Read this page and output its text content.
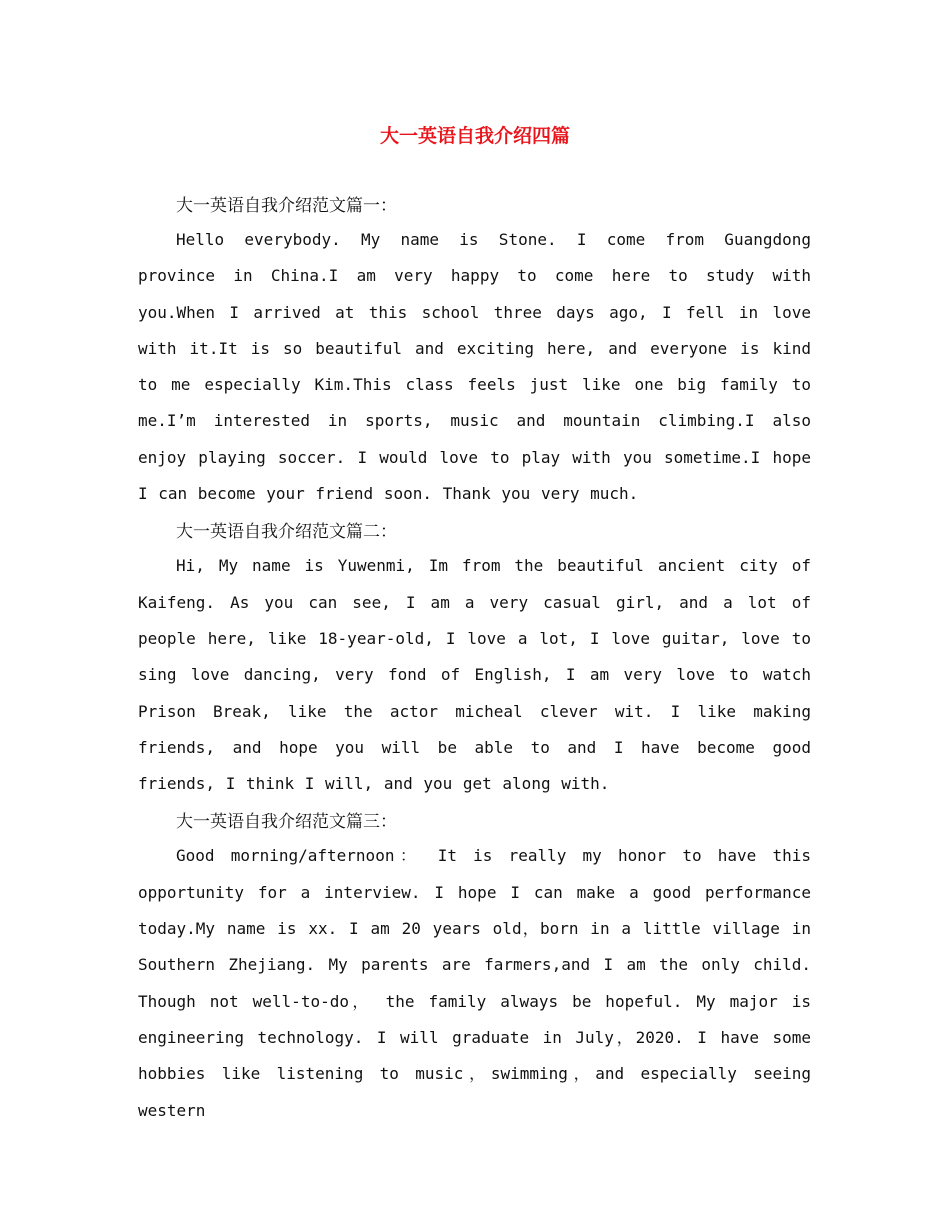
大一英语自我介绍四篇

大一英语自我介绍范文篇一：

Hello everybody. My name is Stone. I come from Guangdong province in China.I am very happy to come here to study with you.When I arrived at this school three days ago, I fell in love with it.It is so beautiful and exciting here, and everyone is kind to me especially Kim.This class feels just like one big family to me.I’m interested in sports, music and mountain climbing.I also enjoy playing soccer. I would love to play with you sometime.I hope I can become your friend soon. Thank you very much.

大一英语自我介绍范文篇二：

Hi, My name is Yuwenmi, Im from the beautiful ancient city of Kaifeng. As you can see, I am a very casual girl, and a lot of people here, like 18-year-old, I love a lot, I love guitar, love to sing love dancing, very fond of English, I am very love to watch Prison Break, like the actor micheal clever wit. I like making friends, and hope you will be able to and I have become good friends, I think I will, and you get along with.

大一英语自我介绍范文篇三：

Good morning/afternoon： It is really my honor to have this opportunity for a interview. I hope I can make a good performance today.My name is xx. I am 20 years old，born in a little village in Southern Zhejiang. My parents are farmers,and I am the only child. Though not well-to-do， the family always be hopeful. My major is engineering technology. I will graduate in July，2020. I have some hobbies like listening to music，swimming，and especially seeing western
